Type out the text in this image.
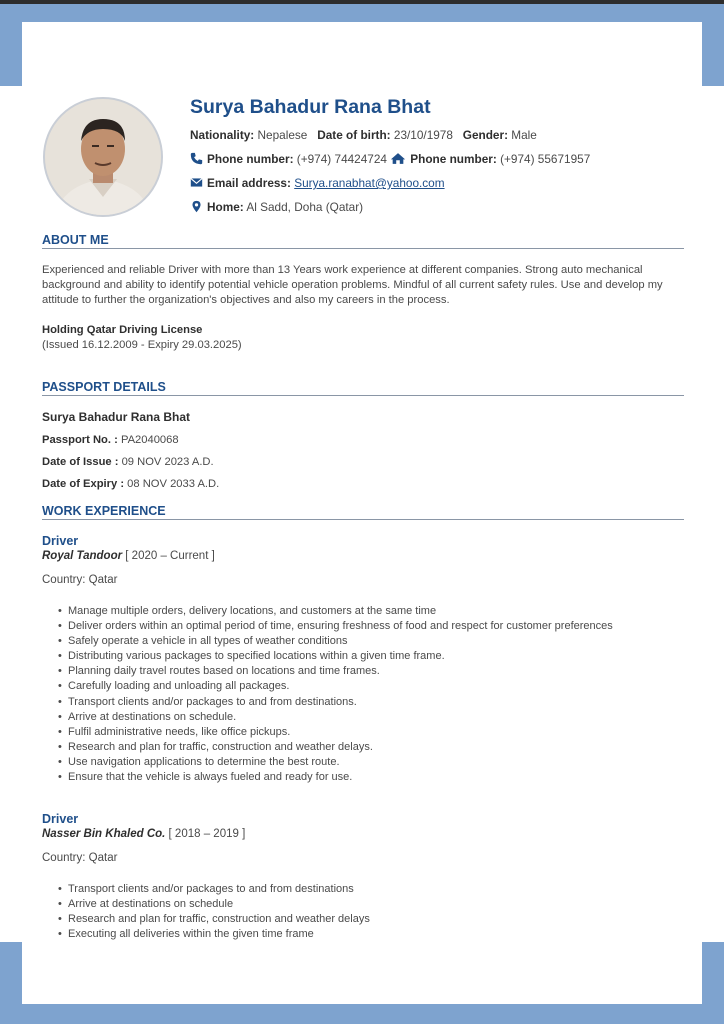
Surya Bahadur Rana Bhat
Nationality: Nepalese Date of birth: 23/10/1978 Gender: Male
Phone number: (+974) 74424724 Phone number: (+974) 55671957
Email address: Surya.ranabhat@yahoo.com
Home: Al Sadd, Doha (Qatar)
ABOUT ME
Experienced and reliable Driver with more than 13 Years work experience at different companies. Strong auto mechanical background and ability to identify potential vehicle operation problems. Mindful of all current safety rules. Use and develop my attitude to further the organization's objectives and also my careers in the process.
Holding Qatar Driving License
(Issued 16.12.2009 - Expiry 29.03.2025)
PASSPORT DETAILS
Surya Bahadur Rana Bhat
Passport No. : PA2040068
Date of Issue : 09 NOV 2023 A.D.
Date of Expiry : 08 NOV 2033 A.D.
WORK EXPERIENCE
Driver
Royal Tandoor [ 2020 – Current ]
Country: Qatar
• Manage multiple orders, delivery locations, and customers at the same time
• Deliver orders within an optimal period of time, ensuring freshness of food and respect for customer preferences
• Safely operate a vehicle in all types of weather conditions
• Distributing various packages to specified locations within a given time frame.
• Planning daily travel routes based on locations and time frames.
• Carefully loading and unloading all packages.
• Transport clients and/or packages to and from destinations.
• Arrive at destinations on schedule.
• Fulfil administrative needs, like office pickups.
• Research and plan for traffic, construction and weather delays.
• Use navigation applications to determine the best route.
• Ensure that the vehicle is always fueled and ready for use.
Driver
Nasser Bin Khaled Co. [ 2018 – 2019 ]
Country: Qatar
• Transport clients and/or packages to and from destinations
• Arrive at destinations on schedule
• Research and plan for traffic, construction and weather delays
• Executing all deliveries within the given time frame
